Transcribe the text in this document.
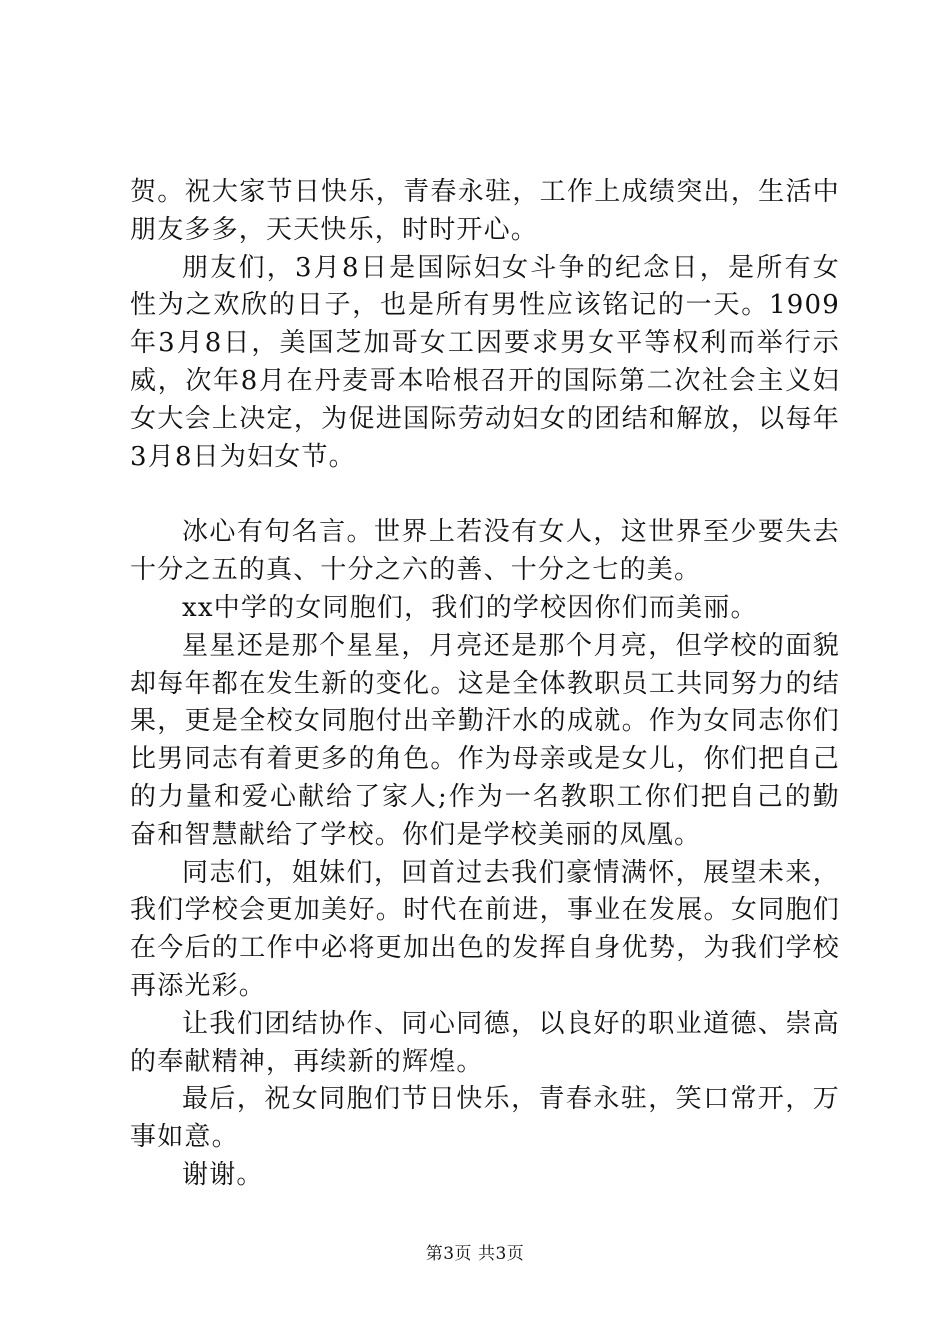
贺。祝大家节日快乐，青春永驻，工作上成绩突出，生活中朋友多多，天天快乐，时时开心。

朋友们，3月8日是国际妇女斗争的纪念日，是所有女性为之欢欣的日子，也是所有男性应该铭记的一天。1909年3月8日，美国芝加哥女工因要求男女平等权利而举行示威，次年8月在丹麦哥本哈根召开的国际第二次社会主义妇女大会上决定，为促进国际劳动妇女的团结和解放，以每年3月8日为妇女节。

冰心有句名言。世界上若没有女人，这世界至少要失去十分之五的真、十分之六的善、十分之七的美。

xx中学的女同胞们，我们的学校因你们而美丽。

星星还是那个星星，月亮还是那个月亮，但学校的面貌却每年都在发生新的变化。这是全体教职员工共同努力的结果，更是全校女同胞付出辛勤汗水的成就。作为女同志你们比男同志有着更多的角色。作为母亲或是女儿，你们把自己的力量和爱心献给了家人;作为一名教职工你们把自己的勤奋和智慧献给了学校。你们是学校美丽的凤凰。

同志们，姐妹们，回首过去我们豪情满怀，展望未来，我们学校会更加美好。时代在前进，事业在发展。女同胞们在今后的工作中必将更加出色的发挥自身优势，为我们学校再添光彩。

让我们团结协作、同心同德，以良好的职业道德、崇高的奉献精神，再续新的辉煌。

最后，祝女同胞们节日快乐，青春永驻，笑口常开，万事如意。

谢谢。

第3页 共3页
